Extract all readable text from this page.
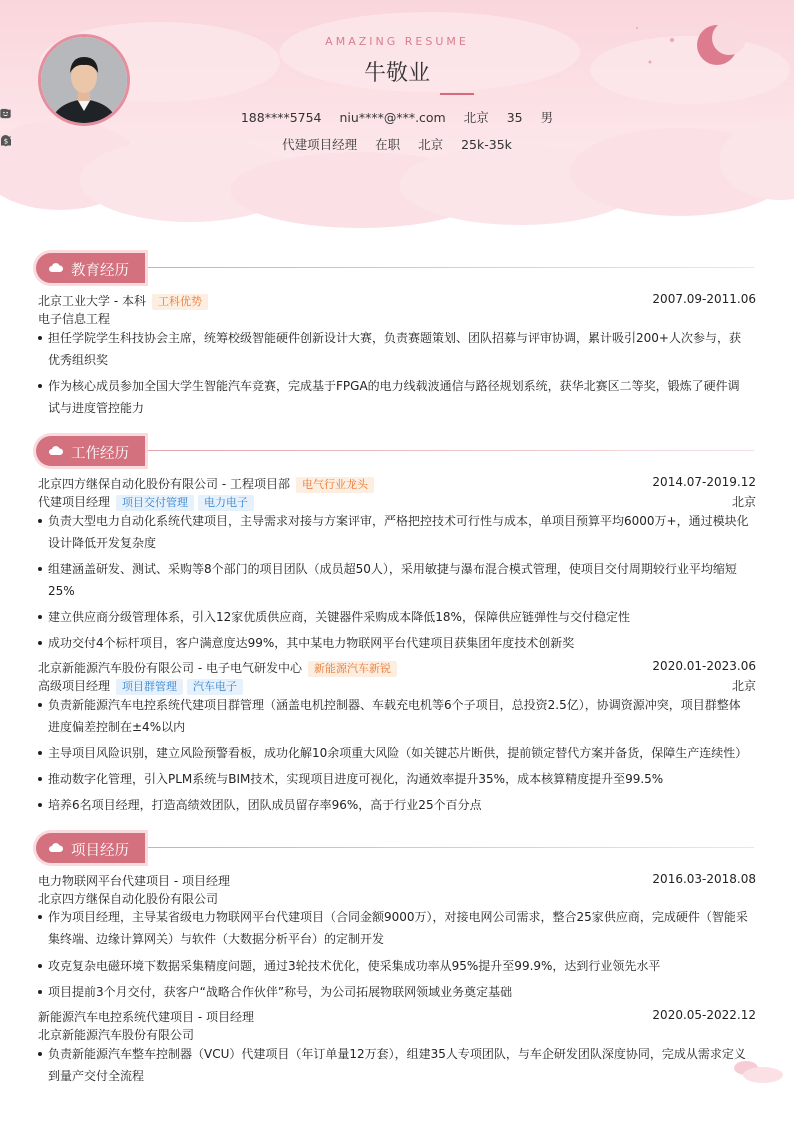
AMAZING RESUME
牛敬业
188****5754 niu****@***.com 北京 35 男
代建项目经理 在职 北京
$	25k-35k
教育经历
北京工业大学 - 本科 工科优势	2007.09-2011.06
电子信息工程
担任学院学生科技协会主席，统筹校级智能硬件创新设计大赛，负责赛题策划、团队招募与评审协调，累计吸引200+人次参与，获优秀组织奖
作为核心成员参加全国大学生智能汽车竞赛，完成基于FPGA的电力线载波通信与路径规划系统，获华北赛区二等奖，锻炼了硬件调试与进度管控能力
工作经历
北京四方继保自动化股份有限公司 - 工程项目部 电气行业龙头	2014.07-2019.12
代建项目经理 项目交付管理 电力电子	北京
负责大型电力自动化系统代建项目，主导需求对接与方案评审，严格把控技术可行性与成本，单项目预算平均6000万+，通过模块化设计降低开发复杂度
组建涵盖研发、测试、采购等8个部门的项目团队（成员超50人），采用敏捷与瀑布混合模式管理，使项目交付周期较行业平均缩短25%
建立供应商分级管理体系，引入12家优质供应商，关键器件采购成本降低18%，保障供应链弹性与交付稳定性
成功交付4个标杆项目，客户满意度达99%，其中某电力物联网平台代建项目获集团年度技术创新奖
北京新能源汽车股份有限公司 - 电子电气研发中心 新能源汽车新锐	2020.01-2023.06
高级项目经理 项目群管理 汽车电子	北京
负责新能源汽车电控系统代建项目群管理（涵盖电机控制器、车载充电机等6个子项目，总投资2.5亿），协调资源冲突，项目群整体进度偏差控制在±4%以内
主导项目风险识别，建立风险预警看板，成功化解10余项重大风险（如关键芯片断供，提前锁定替代方案并备货，保障生产连续性）
推动数字化管理，引入PLM系统与BIM技术，实现项目进度可视化，沟通效率提升35%，成本核算精度提升至99.5%
培养6名项目经理，打造高绩效团队，团队成员留存率96%，高于行业25个百分点
项目经历
电力物联网平台代建项目 - 项目经理	2016.03-2018.08
北京四方继保自动化股份有限公司
作为项目经理，主导某省级电力物联网平台代建项目（合同金额9000万），对接电网公司需求，整合25家供应商，完成硬件（智能采集终端、边缘计算网关）与软件（大数据分析平台）的定制开发
攻克复杂电磁环境下数据采集精度问题，通过3轮技术优化，使采集成功率从95%提升至99.9%，达到行业领先水平
项目提前3个月交付，获客户“战略合作伙伴”称号，为公司拓展物联网领域业务奠定基础
新能源汽车电控系统代建项目 - 项目经理	2020.05-2022.12
北京新能源汽车股份有限公司
负责新能源汽车整车控制器（VCU）代建项目（年订单量12万套），组建35人专项团队，与车企研发团队深度协同，完成从需求定义到量产交付全流程
